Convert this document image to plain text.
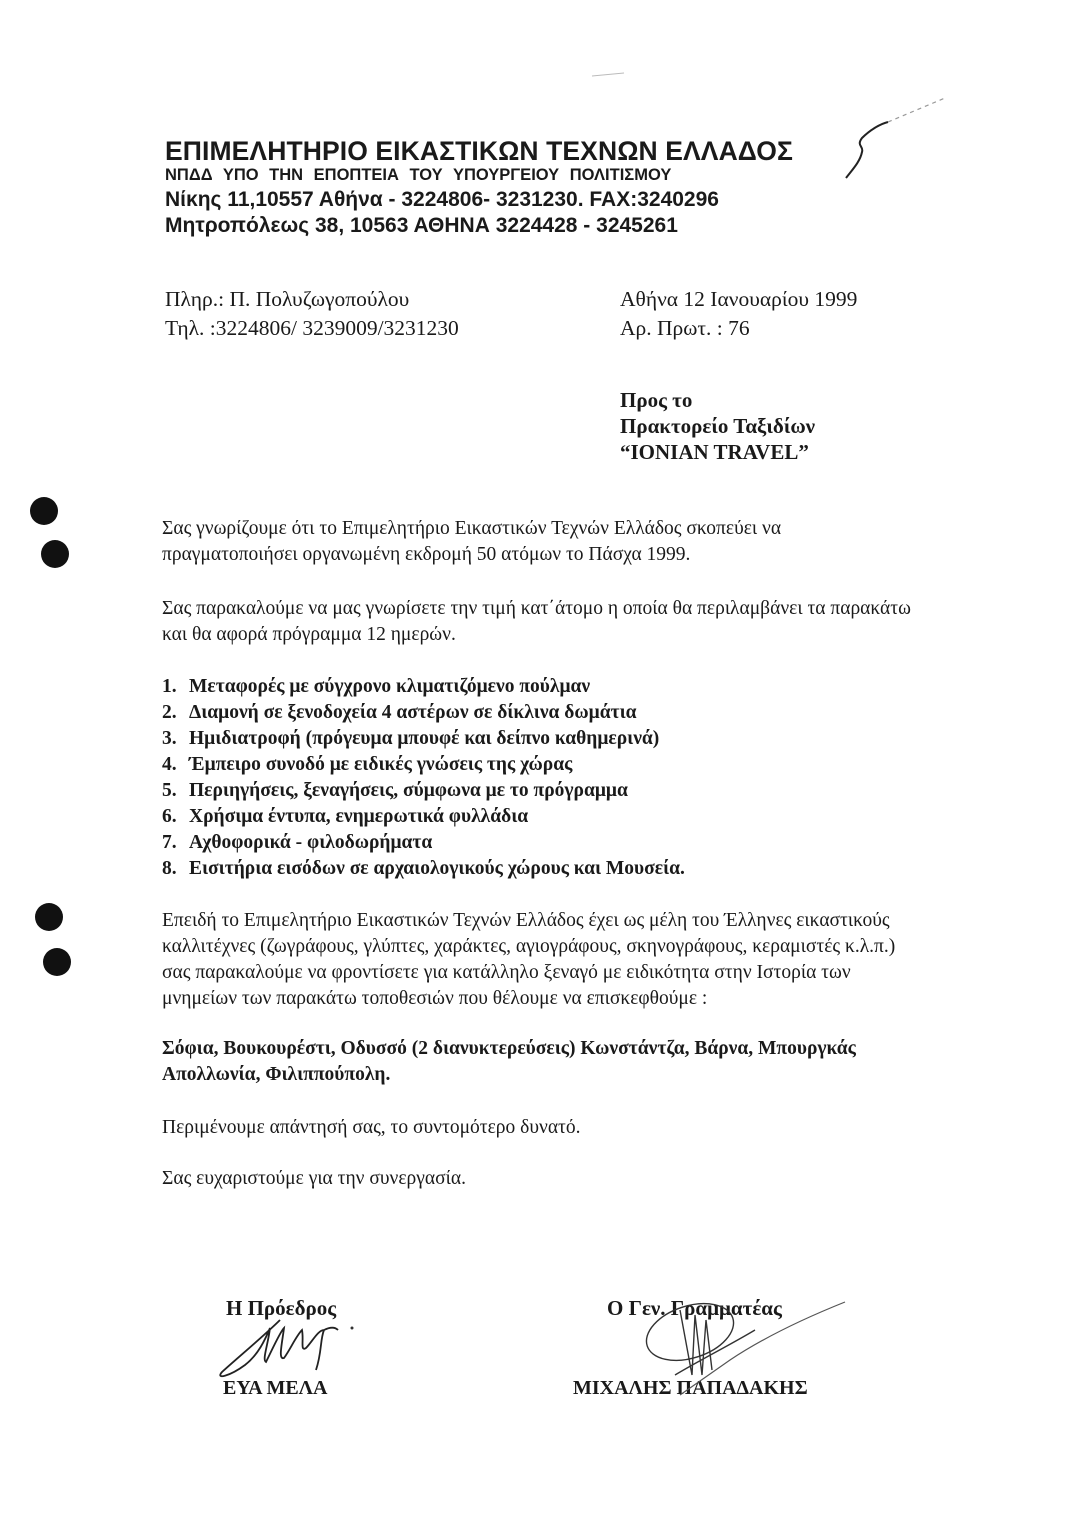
ΕΠΙΜΕΛΗΤΗΡΙΟ ΕΙΚΑΣΤΙΚΩΝ ΤΕΧΝΩΝ ΕΛΛΑΔΟΣ
ΝΠΔΔ ΥΠΟ ΤΗΝ ΕΠΟΠΤΕΙΑ ΤΟΥ ΥΠΟΥΡΓΕΙΟΥ ΠΟΛΙΤΙΣΜΟΥ
Νίκης 11,10557 Αθήνα - 3224806- 3231230. FAX:3240296
Μητροπόλεως 38, 10563 ΑΘΗΝΑ 3224428 - 3245261
Πληρ.: Π. Πολυζωγοπούλου
Τηλ. :3224806/ 3239009/3231230
Αθήνα 12 Ιανουαρίου 1999
Αρ. Πρωτ. : 76
Προς το
Πρακτορείο Ταξιδίων
“IONIAN TRAVEL”
Σας γνωρίζουμε ότι το Επιμελητήριο Εικαστικών Τεχνών Ελλάδος σκοπεύει να πραγματοποιήσει οργανωμένη εκδρομή 50 ατόμων το Πάσχα 1999.
Σας παρακαλούμε να μας γνωρίσετε την τιμή κατ΄άτομο η οποία θα περιλαμβάνει τα παρακάτω και θα αφορά πρόγραμμα 12 ημερών.
1. Μεταφορές με σύγχρονο κλιματιζόμενο πούλμαν
2. Διαμονή σε ξενοδοχεία 4 αστέρων σε δίκλινα δωμάτια
3. Ημιδιατροφή (πρόγευμα μπουφέ και δείπνο καθημερινά)
4. Έμπειρο συνοδό με ειδικές γνώσεις της χώρας
5. Περιηγήσεις, ξεναγήσεις, σύμφωνα με το πρόγραμμα
6. Χρήσιμα έντυπα, ενημερωτικά φυλλάδια
7. Αχθοφορικά - φιλοδωρήματα
8. Εισιτήρια εισόδων σε αρχαιολογικούς χώρους και Μουσεία.
Επειδή το Επιμελητήριο Εικαστικών Τεχνών Ελλάδος έχει ως μέλη του Έλληνες εικαστικούς καλλιτέχνες (ζωγράφους, γλύπτες, χαράκτες, αγιογράφους, σκηνογράφους, κεραμιστές κ.λ.π.) σας παρακαλούμε να φροντίσετε για κατάλληλο ξεναγό με ειδικότητα στην Ιστορία των μνημείων των παρακάτω τοποθεσιών που θέλουμε να επισκεφθούμε :
Σόφια, Βουκουρέστι, Οδυσσό (2 διανυκτερεύσεις) Κωνστάντζα, Βάρνα, Μπουργκάς Απολλωνία, Φιλιππούπολη.
Περιμένουμε απάντησή σας, το συντομότερο δυνατό.
Σας ευχαριστούμε για την συνεργασία.
Η Πρόεδρος
ΕΥΑ ΜΕΛΑ
Ο Γεν. Γραμματέας
ΜΙΧΑΛΗΣ ΠΑΠΑΔΑΚΗΣ
